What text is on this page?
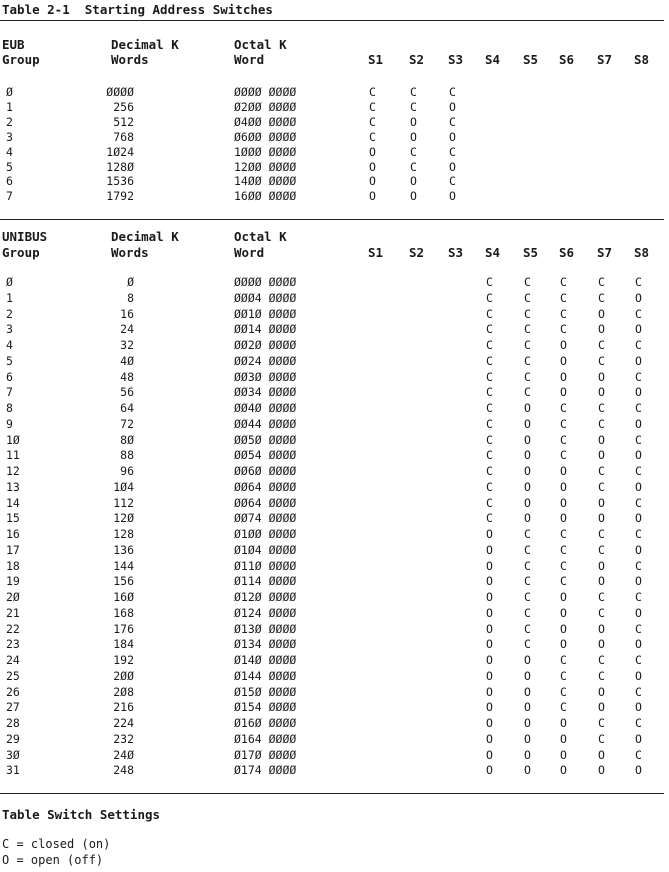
Table 2-1  Starting Address Switches
EUB
Group
Decimal K
Words
Octal K
Word	S1 S2 S3 S4 S5 S6 S7 S8
Ø	ØØØØ	ØØØØ ØØØØ	C	C	C
1	256	Ø2ØØ ØØØØ	C	C	O
2	512	Ø4ØØ ØØØØ	C	O	C
3	768	Ø6ØØ ØØØØ	C	O	O
4	1Ø24	1ØØØ ØØØØ	O	C	C
5	128Ø	12ØØ ØØØØ	O	C	O
6	1536	14ØØ ØØØØ	O	O	C
7	1792	16ØØ ØØØØ	O	O	O
UNIBUS
Group
Decimal K
Words
Octal K
Word	S1 S2 S3 S4 S5 S6 S7 S8
Ø	Ø	ØØØØ ØØØØ	C	C	C	C	C
1	8	ØØØ4 ØØØØ	C	C	C	C	O
2	16	ØØ1Ø ØØØØ	C	C	C	O	C
3	24	ØØ14 ØØØØ	C	C	C	O	O
4	32	ØØ2Ø ØØØØ	C	C	O	C	C
5	4Ø	ØØ24 ØØØØ	C	C	O	C	O
6	48	ØØ3Ø ØØØØ	C	C	O	O	C
7	56	ØØ34 ØØØØ	C	C	O	O	O
8	64	ØØ4Ø ØØØØ	C	O	C	C	C
9	72	ØØ44 ØØØØ	C	O	C	C	O
1Ø	8Ø	ØØ5Ø ØØØØ	C	O	C	O	C
11	88	ØØ54 ØØØØ	C	O	C	O	O
12	96	ØØ6Ø ØØØØ	C	O	O	C	C
13	1Ø4	ØØ64 ØØØØ	C	O	O	C	O
14	112	ØØ64 ØØØØ	C	O	O	O	C
15	12Ø	ØØ74 ØØØØ	C	O	O	O	O
16	128	Ø1ØØ ØØØØ	O	C	C	C	C
17	136	Ø1Ø4 ØØØØ	O	C	C	C	O
18	144	Ø11Ø ØØØØ	O	C	C	O	C
19	156	Ø114 ØØØØ	O	C	C	O	O
2Ø	16Ø	Ø12Ø ØØØØ	O	C	O	C	C
21	168	Ø124 ØØØØ	O	C	O	C	O
22	176	Ø13Ø ØØØØ	O	C	O	O	C
23	184	Ø134 ØØØØ	O	C	O	O	O
24	192	Ø14Ø ØØØØ	O	O	C	C	C
25	2ØØ	Ø144 ØØØØ	O	O	C	C	O
26	2Ø8	Ø15Ø ØØØØ	O	O	C	O	C
27	216	Ø154 ØØØØ	O	O	C	O	O
28	224	Ø16Ø ØØØØ	O	O	O	C	C
29	232	Ø164 ØØØØ	O	O	O	C	O
3Ø	24Ø	Ø17Ø ØØØØ	O	O	O	O	C
31	248	Ø174 ØØØØ	O	O	O	O	O
Table Switch Settings
C = closed (on)
O = open (off)
